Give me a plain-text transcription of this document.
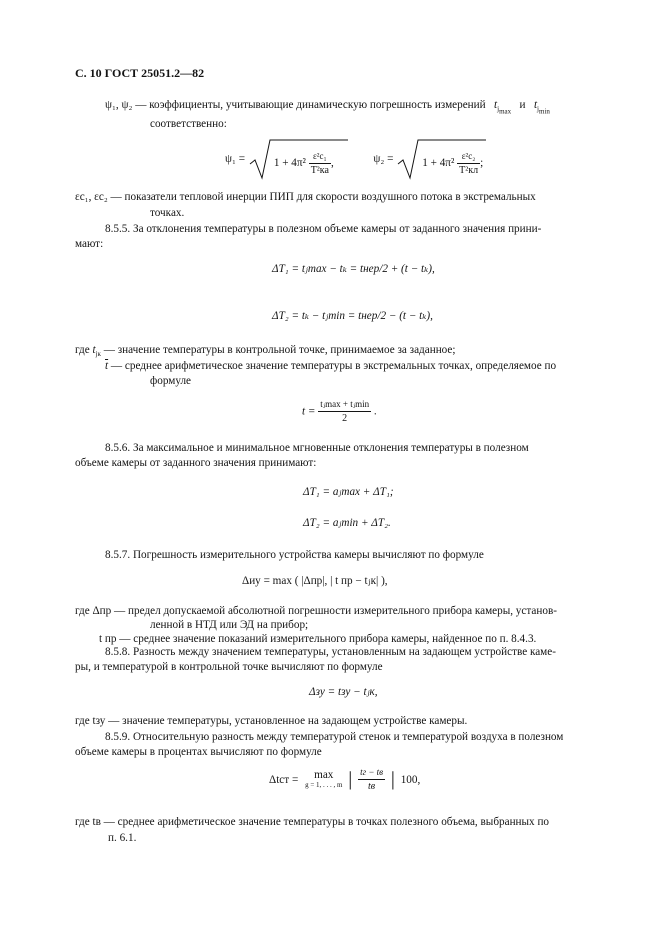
С. 10 ГОСТ 25051.2—82
ψ₁, ψ₂ — коэффициенты, учитывающие динамическую погрешность измерений $t_{j_{max}}$   и $t_{j_{min}}$
соответственно:
ψ₁ =	$1 + 4\pi^2 \frac{\text{ε²c₁}}{\text{T²ка}}$ ,	ψ₂ =	$1 + 4\pi^2 \frac{\text{ε²c₂}}{\text{T²кл}}$ ;
εс₁, εс₂ — показатели тепловой инерции ПИП для скорости воздушного потока в экстремальных
точках.
8.5.5. За отклонения температуры в полезном объеме камеры от заданного значения прини-
мают:
ΔT₁ = tⱼmax − tₖ = tнер/2 + (t − tₖ),
ΔT₂ = tₖ − tⱼmin = tнер/2 − (t − tₖ),
где $t_{jк}$ — значение температуры в контрольной точке, принимаемое за заданное;
$\overline{t}$ — среднее арифметическое значение температуры в экстремальных точках, определяемое по
формуле
$t = \frac{\text{tⱼmax + tⱼmin}}{2}$ .
8.5.6. За максимальное и минимальное мгновенные отклонения температуры в полезном
объеме камеры от заданного значения принимают:
ΔT₁ = aⱼmax + ΔT₁;
ΔT₂ = aⱼmin + ΔT₂.
8.5.7. Погрешность измерительного устройства камеры вычисляют по формуле
Δиу = max ( |Δпр|, | t пр − tⱼк| ),
где Δпр — предел допускаемой абсолютной погрешности измерительного прибора камеры, установ-
ленной в НТД или ЭД на прибор;
t пр — среднее значение показаний измерительного прибора камеры, найденное по п. 8.4.3.
8.5.8. Разность между значением температуры, установленным на задающем устройстве каме-
ры, и температурой в контрольной точке вычисляют по формуле
Δзу = tзу − tⱼк,
где tзу — значение температуры, установленное на задающем устройстве камеры.
8.5.9. Относительную разность между температурой стенок и температурой воздуха в полезном
объеме камеры в процентах вычисляют по формуле
Δtст =	max
g = 1, . . . , m | $\frac{tг - tв}{tв}$ | 100,
где tв — среднее арифметическое значение температуры в точках полезного объема, выбранных по
п. 6.1.
